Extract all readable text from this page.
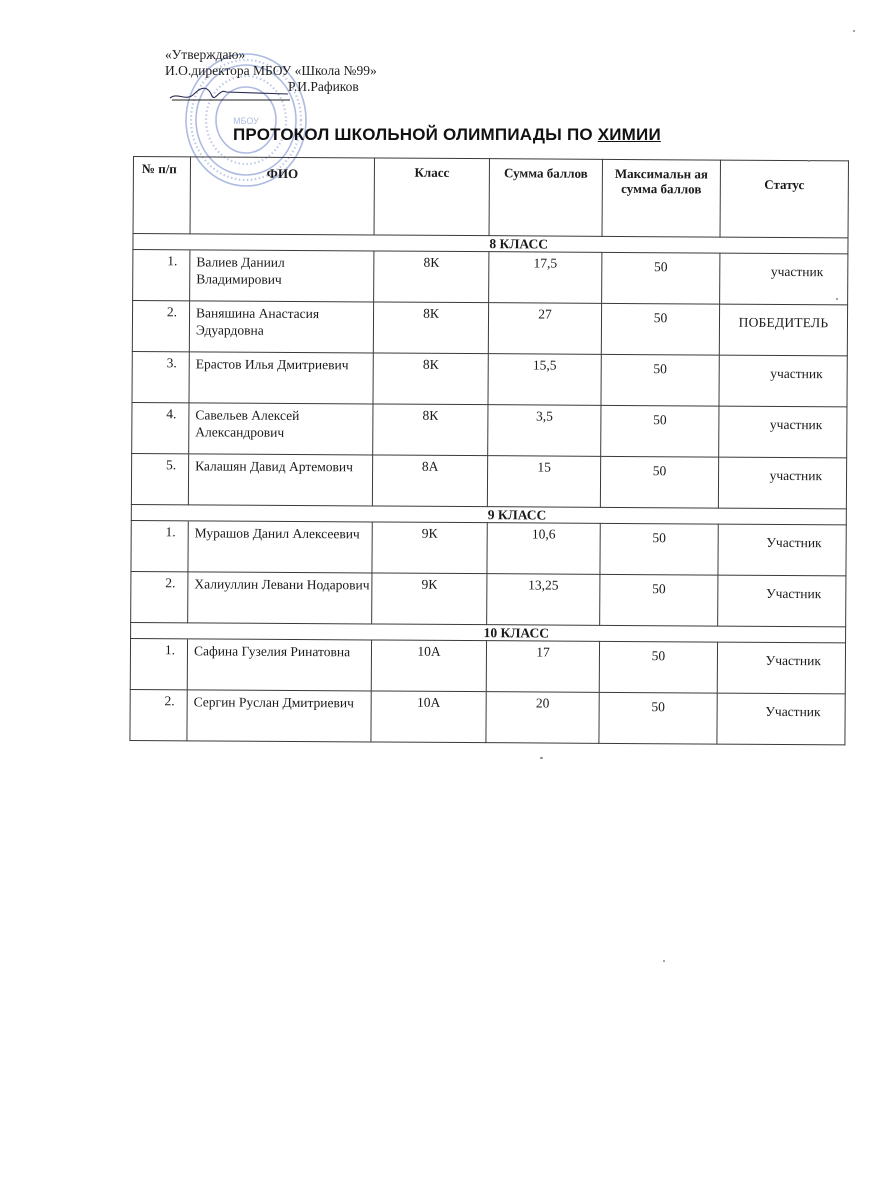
МБОУ
«Утверждаю»
И.О.директора МБОУ «Школа №99»
Р.И.Рафиков
ПРОТОКОЛ ШКОЛЬНОЙ ОЛИМПИАДЫ ПО ХИМИИ
№ п/п	ФИО	Класс	Сумма баллов	Максимальн ая сумма баллов	Статус
	8 КЛАСС				
1.	Валиев Даниил Владимирович	8К	17,5	50	участник
2.	Ваняшина Анастасия Эдуардовна	8К	27	50	ПОБЕДИТЕЛЬ
3.	Ерастов Илья Дмитриевич	8К	15,5	50	участник
4.	Савельев Алексей Александрович	8К	3,5	50	участник
5.	Калашян Давид Артемович	8А	15	50	участник
	9 КЛАСС				
1.	Мурашов Данил Алексеевич	9К	10,6	50	Участник
2.	Халиуллин Левани Нодарович	9К	13,25	50	Участник
	10 КЛАСС				
1.	Сафина Гузелия Ринатовна	10А	17	50	Участник
2.	Сергин Руслан Дмитриевич	10А	20	50	Участник
